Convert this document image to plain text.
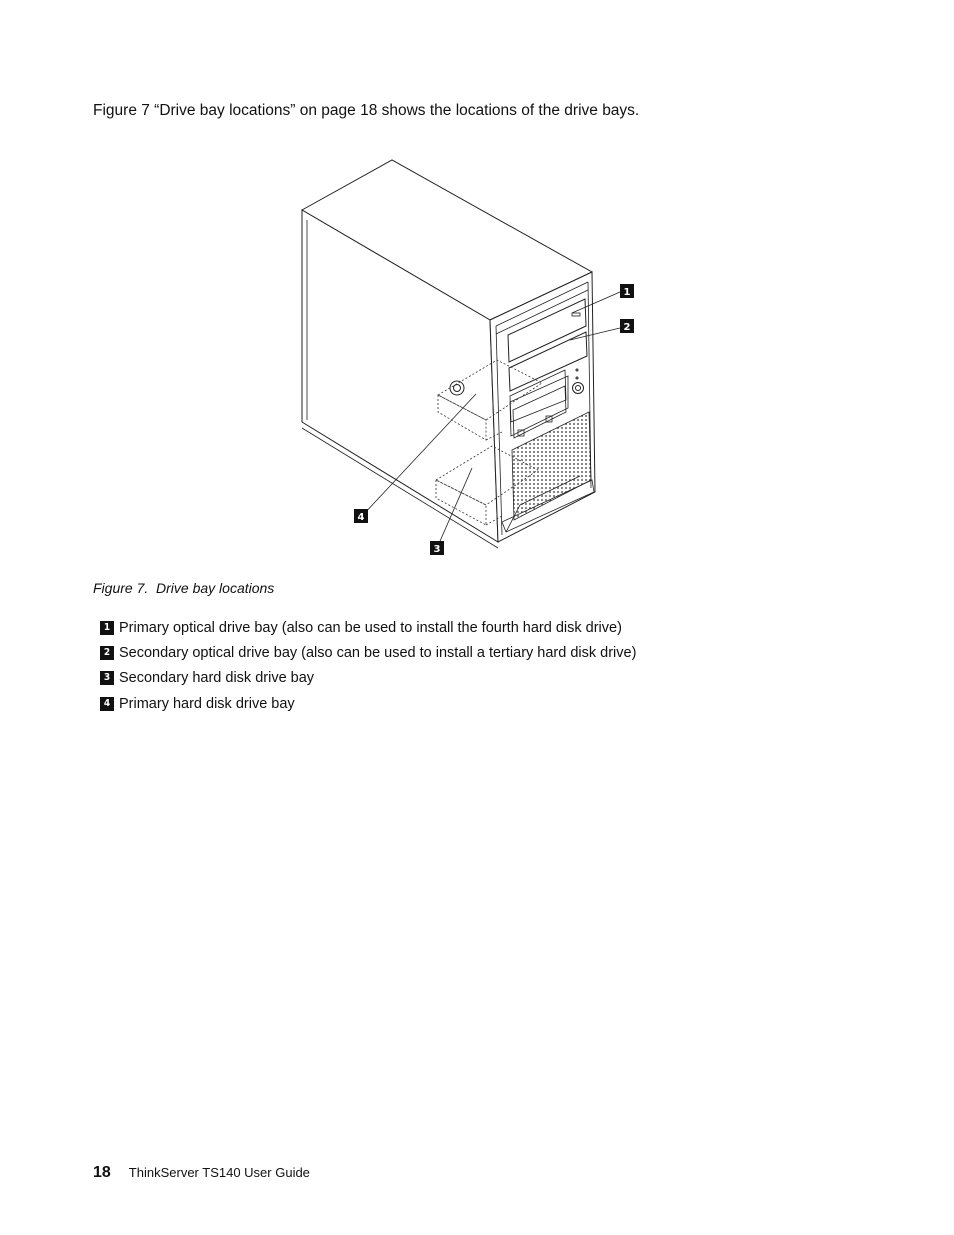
Figure 7 “Drive bay locations” on page 18 shows the locations of the drive bays.

1
2
3
4

Figure 7.  Drive bay locations

1 Primary optical drive bay (also can be used to install the fourth hard disk drive)
2 Secondary optical drive bay (also can be used to install a tertiary hard disk drive)
3 Secondary hard disk drive bay
4 Primary hard disk drive bay
18 ThinkServer TS140 User Guide
